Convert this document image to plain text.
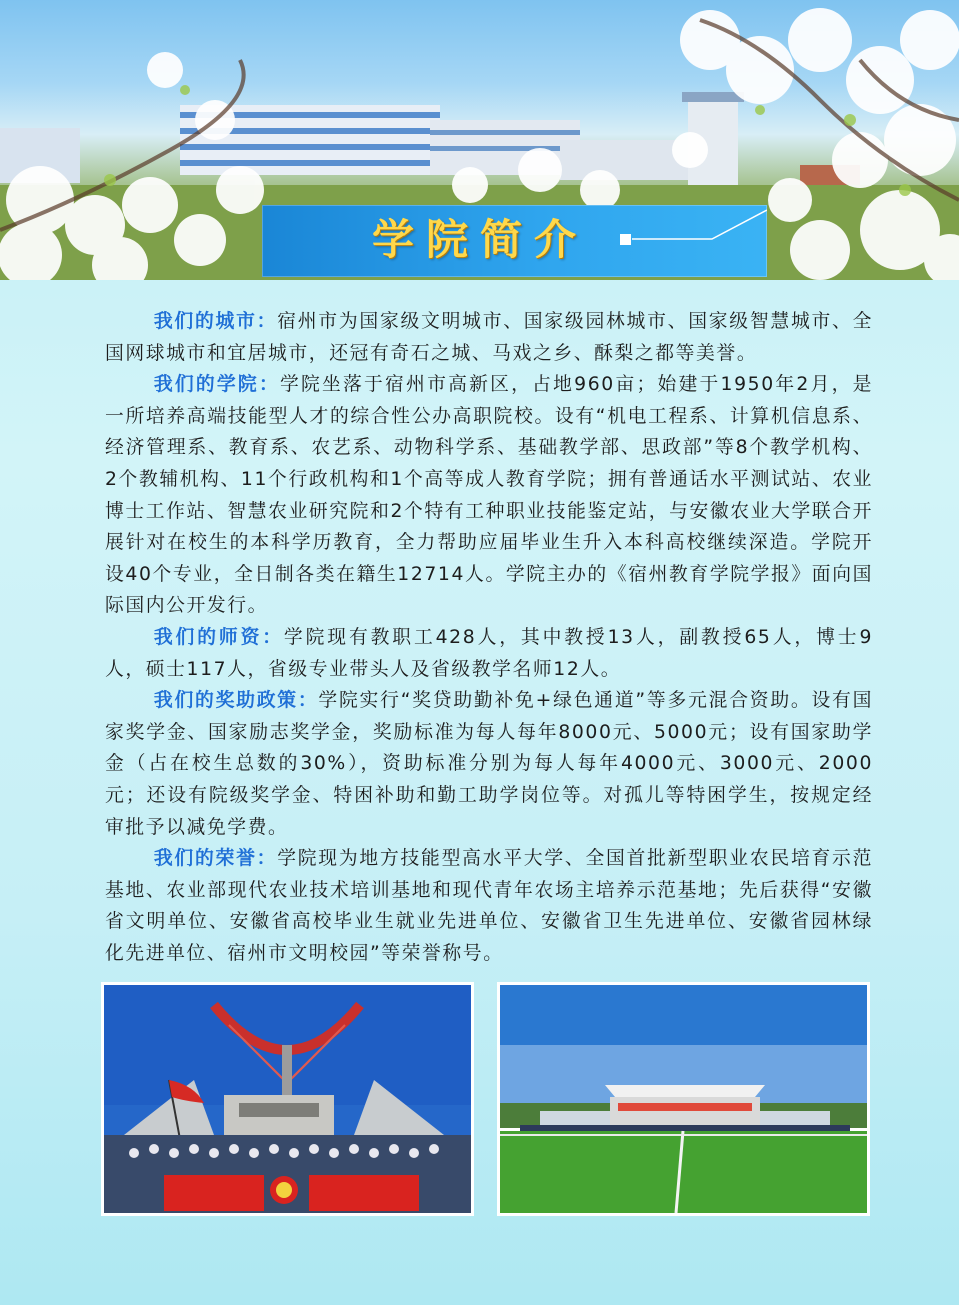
学院简介

我们的城市：宿州市为国家级文明城市、国家级园林城市、国家级智慧城市、全国网球城市和宜居城市，还冠有奇石之城、马戏之乡、酥梨之都等美誉。

我们的学院：学院坐落于宿州市高新区，占地960亩；始建于1950年2月，是一所培养高端技能型人才的综合性公办高职院校。设有“机电工程系、计算机信息系、经济管理系、教育系、农艺系、动物科学系、基础教学部、思政部”等8个教学机构、2个教辅机构、11个行政机构和1个高等成人教育学院；拥有普通话水平测试站、农业博士工作站、智慧农业研究院和2个特有工种职业技能鉴定站，与安徽农业大学联合开展针对在校生的本科学历教育，全力帮助应届毕业生升入本科高校继续深造。学院开设40个专业，全日制各类在籍生12714人。学院主办的《宿州教育学院学报》面向国际国内公开发行。

我们的师资：学院现有教职工428人，其中教授13人，副教授65人，博士9人，硕士117人，省级专业带头人及省级教学名师12人。

我们的奖助政策：学院实行“奖贷助勤补免+绿色通道”等多元混合资助。设有国家奖学金、国家励志奖学金，奖励标准为每人每年8000元、5000元；设有国家助学金（占在校生总数的30%），资助标准分别为每人每年4000元、3000元、2000元；还设有院级奖学金、特困补助和勤工助学岗位等。对孤儿等特困学生，按规定经审批予以减免学费。

我们的荣誉：学院现为地方技能型高水平大学、全国首批新型职业农民培育示范基地、农业部现代农业技术培训基地和现代青年农场主培养示范基地；先后获得“安徽省文明单位、安徽省高校毕业生就业先进单位、安徽省卫生先进单位、安徽省园林绿化先进单位、宿州市文明校园”等荣誉称号。
